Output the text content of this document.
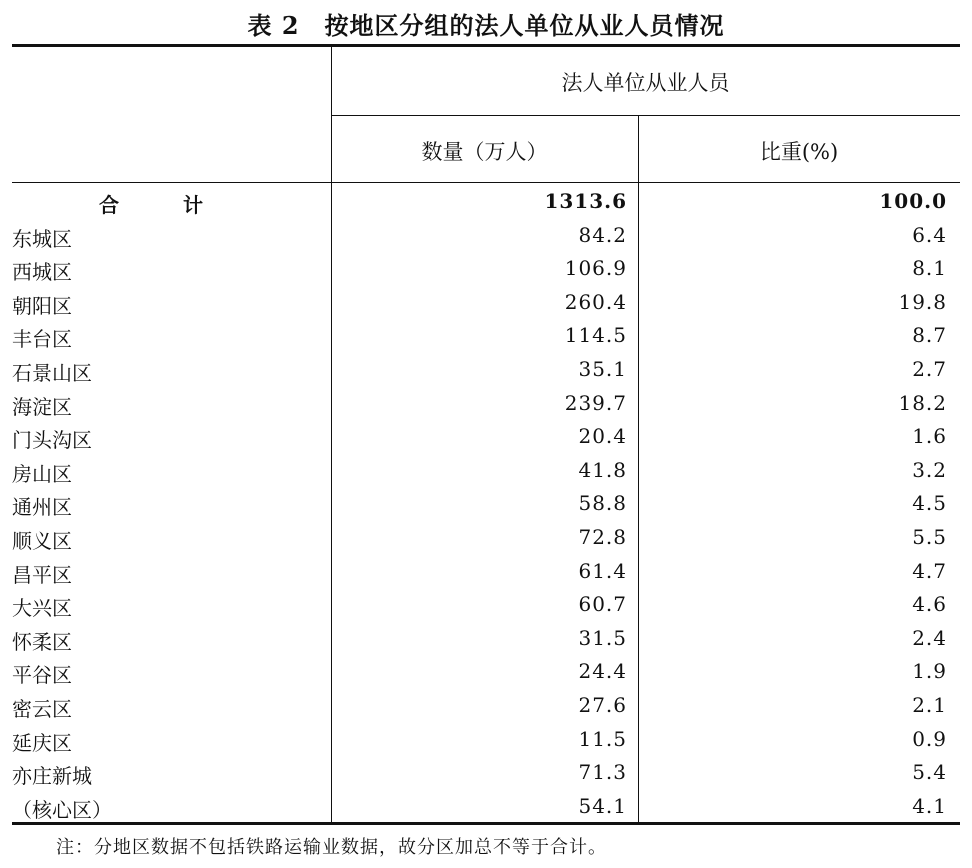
表 2　按地区分组的法人单位从业人员情况
法人单位从业人员
数量（万人）	比重(%)
合　计	1313.6	100.0
东城区	84.2	6.4
西城区	106.9	8.1
朝阳区	260.4	19.8
丰台区	114.5	8.7
石景山区	35.1	2.7
海淀区	239.7	18.2
门头沟区	20.4	1.6
房山区	41.8	3.2
通州区	58.8	4.5
顺义区	72.8	5.5
昌平区	61.4	4.7
大兴区	60.7	4.6
怀柔区	31.5	2.4
平谷区	24.4	1.9
密云区	27.6	2.1
延庆区	11.5	0.9
亦庄新城	71.3	5.4
（核心区）	54.1	4.1
注：分地区数据不包括铁路运输业数据，故分区加总不等于合计。
